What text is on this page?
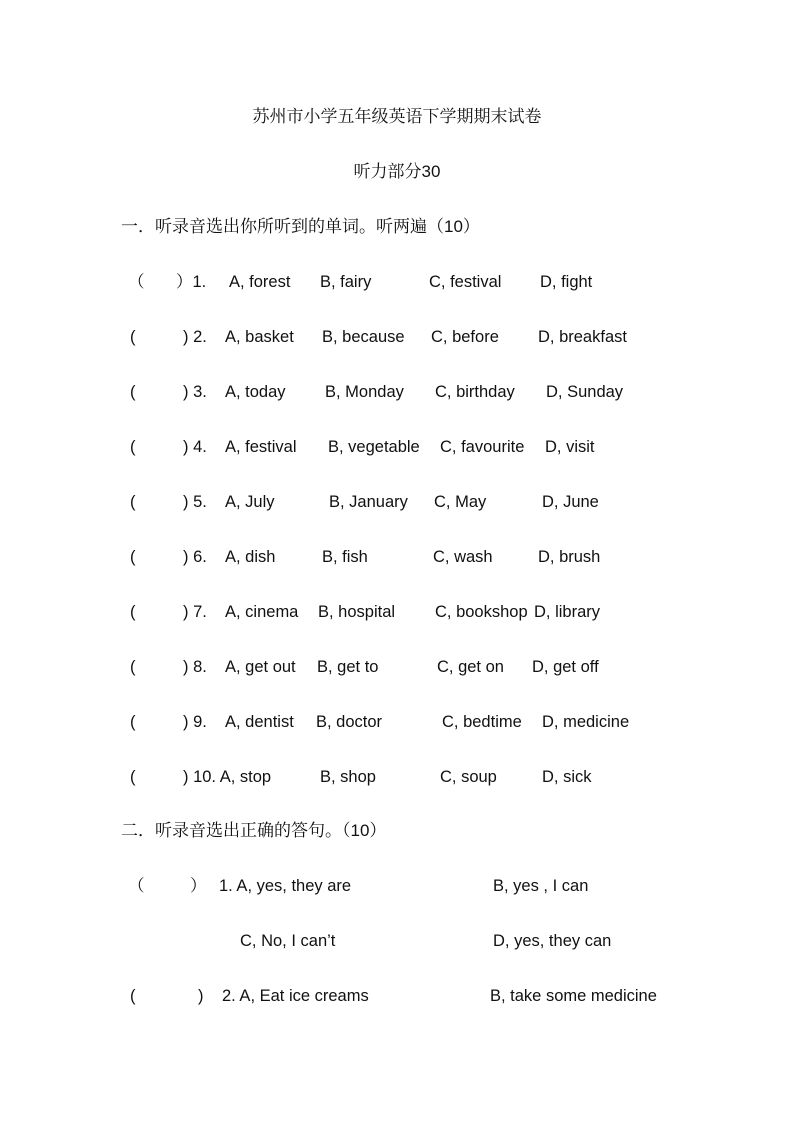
苏州市小学五年级英语下学期期末试卷
听力部分30
一．听录音选出你所听到的单词。听两遍（10）
（ ）1. A, forest B, fairy	C, festival D, fight
(	) 2. A, basket B, because C, before D, breakfast
(	) 3. A, today B, Monday C, birthday D, Sunday
(	) 4. A, festival B, vegetable C, favourite D, visit
(	) 5. A, July	B, January C, May	D, June
(	) 6. A, dish	B, fish	C, wash	D, brush
(	) 7. A, cinema B, hospital C, bookshop D, library
(	) 8. A, get out B, get to	C, get on D, get off
(	) 9. A, dentist B, doctor	C, bedtime D, medicine
(	) 10. A, stop	B, shop	C, soup	D, sick
二．听录音选出正确的答句。（10）
（	） 1. A, yes, they are	B, yes , I can
C, No, I can’t	D, yes, they can
(	) 2. A, Eat ice creams	B, take some medicine
